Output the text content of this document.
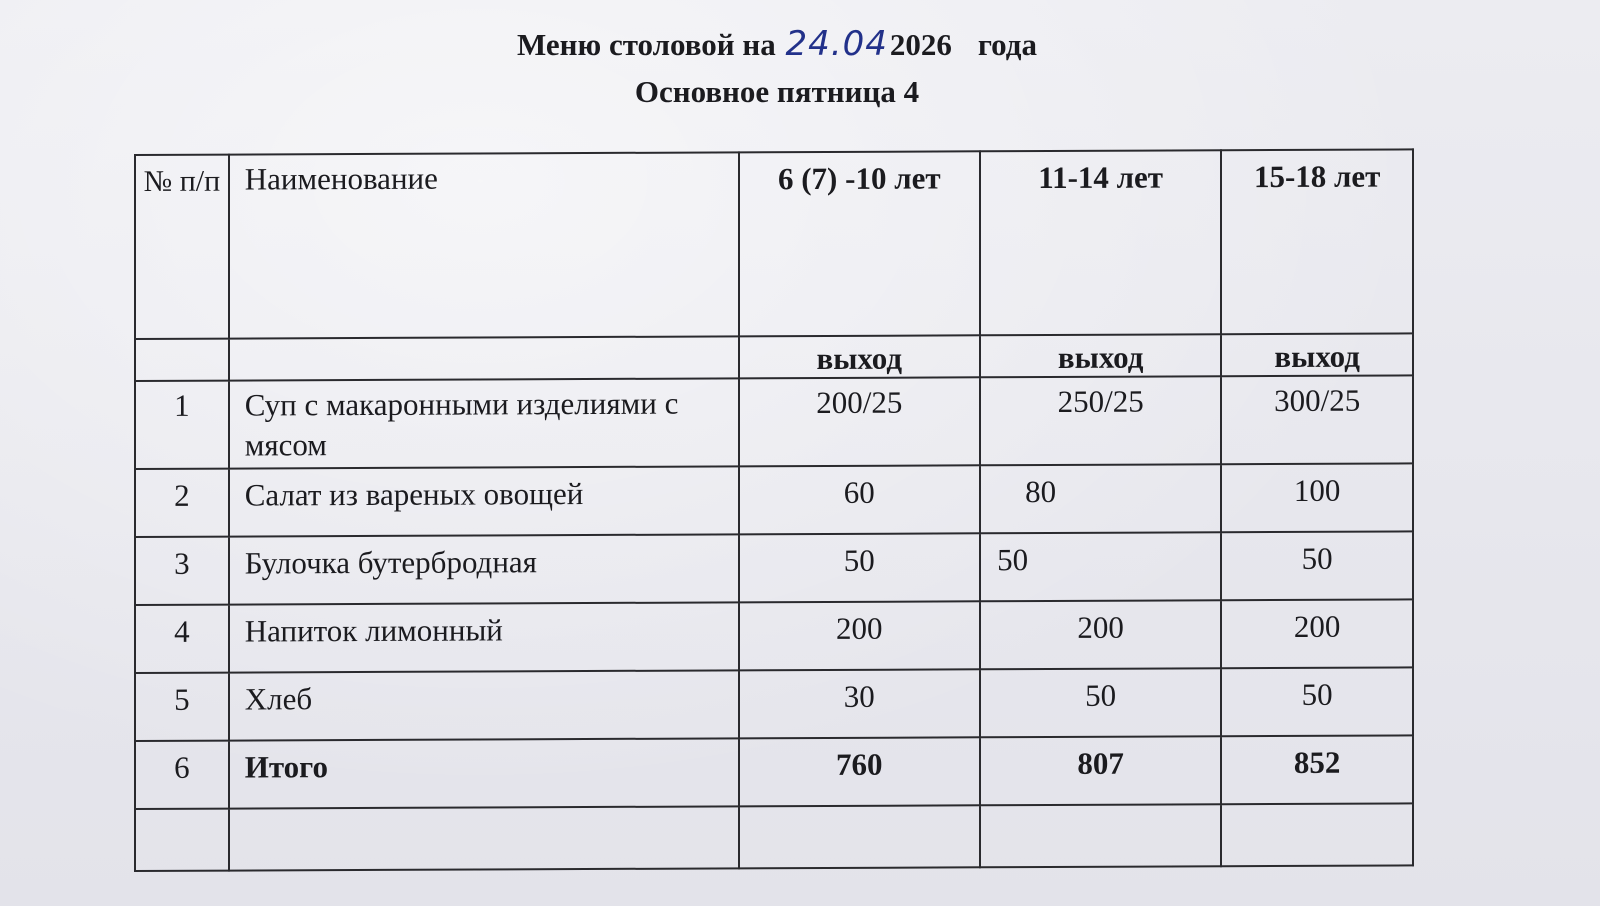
Меню столовой на 24.042026 года
Основное пятница 4
№ п/п	Наименование	6 (7) -10 лет	11-14 лет	15-18 лет
		выход	выход	выход
1	Суп с макаронными изделиями с мясом	200/25	250/25	300/25
2	Салат из вареных овощей	60	80	100
3	Булочка бутербродная	50	50	50
4	Напиток лимонный	200	200	200
5	Хлеб	30	50	50
6	Итого	760	807	852
